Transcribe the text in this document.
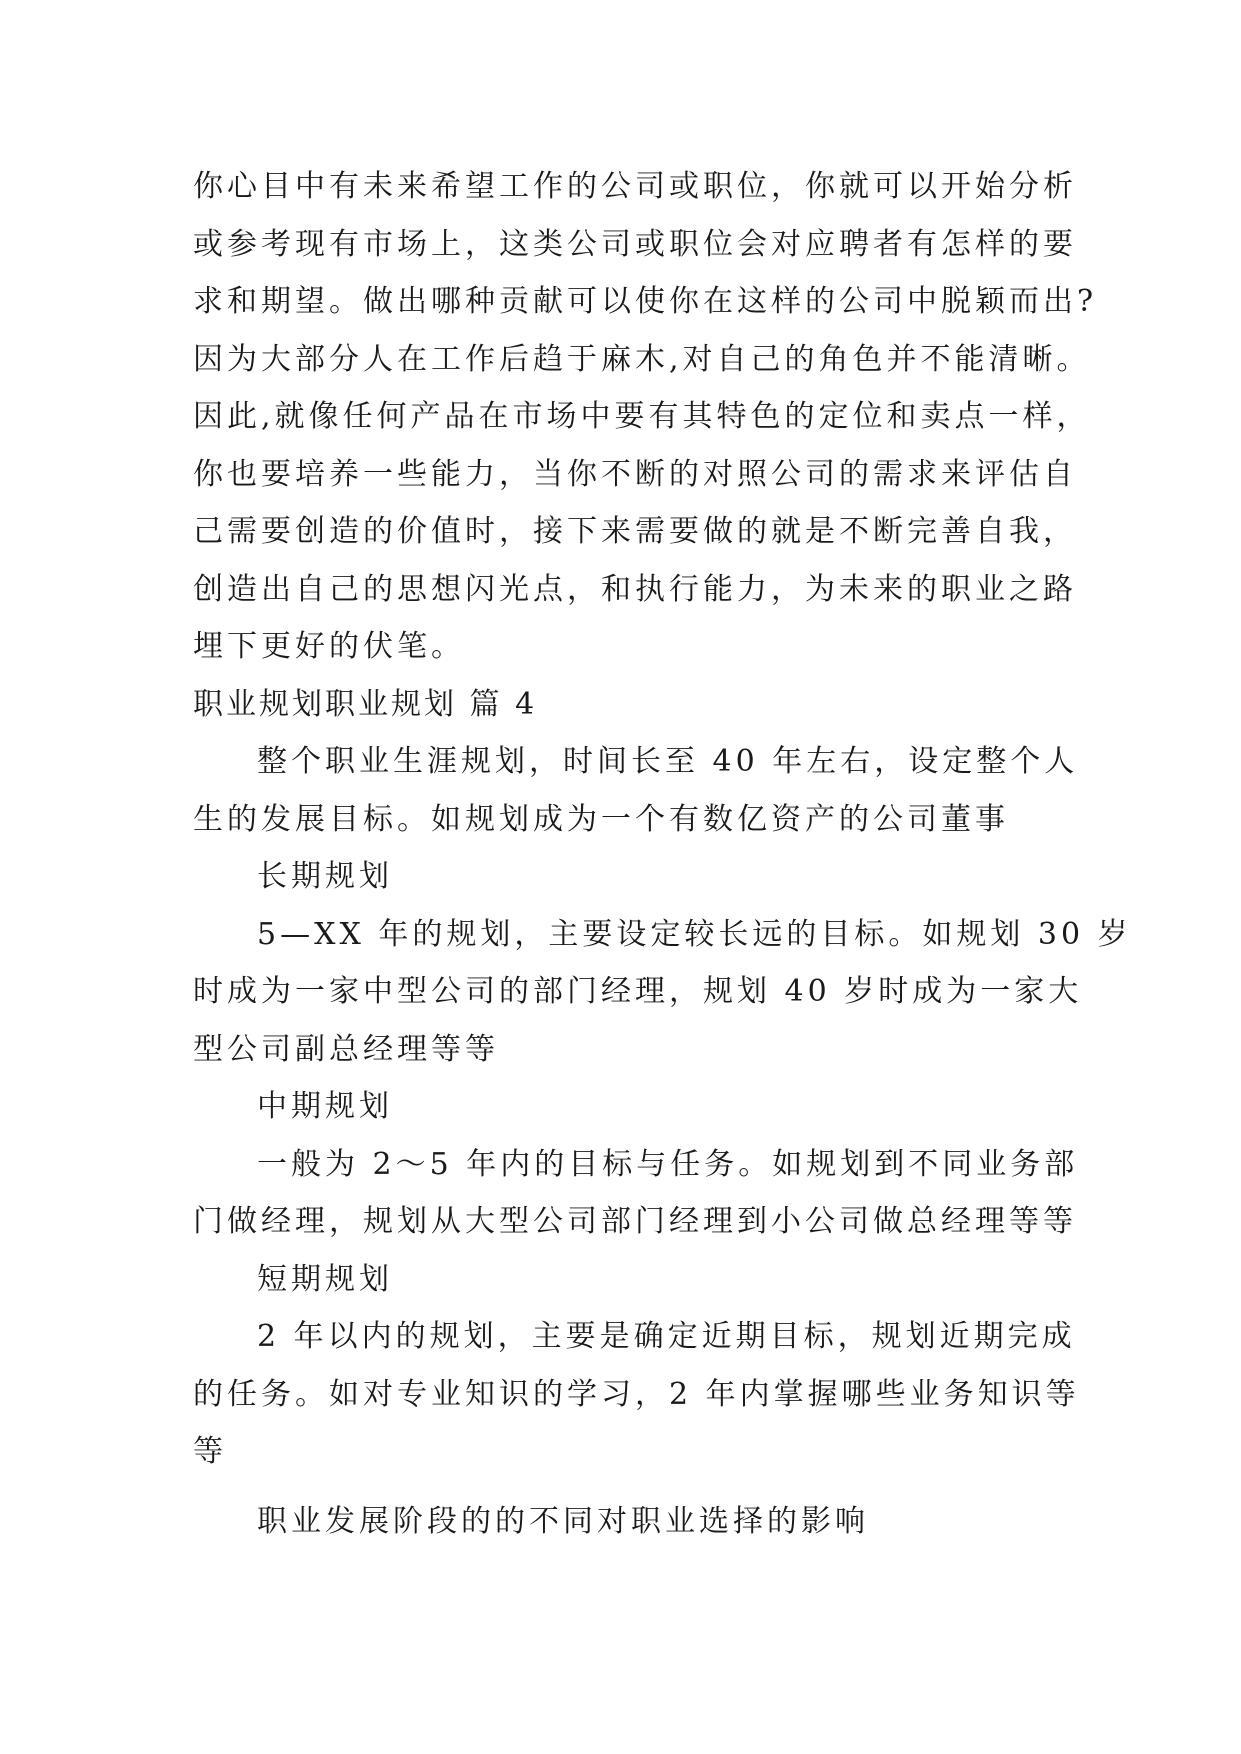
你心目中有未来希望工作的公司或职位，你就可以开始分析
或参考现有市场上，这类公司或职位会对应聘者有怎样的要
求和期望。做出哪种贡献可以使你在这样的公司中脱颖而出?
因为大部分人在工作后趋于麻木,对自己的角色并不能清晰。
因此,就像任何产品在市场中要有其特色的定位和卖点一样，
你也要培养一些能力，当你不断的对照公司的需求来评估自
己需要创造的价值时，接下来需要做的就是不断完善自我，
创造出自己的思想闪光点，和执行能力，为未来的职业之路
埋下更好的伏笔。
职业规划职业规划 篇 4
整个职业生涯规划，时间长至 40 年左右，设定整个人
生的发展目标。如规划成为一个有数亿资产的公司董事
长期规划
5—XX 年的规划，主要设定较长远的目标。如规划 30 岁
时成为一家中型公司的部门经理，规划 40 岁时成为一家大
型公司副总经理等等
中期规划
一般为 2～5 年内的目标与任务。如规划到不同业务部
门做经理，规划从大型公司部门经理到小公司做总经理等等
短期规划
2 年以内的规划，主要是确定近期目标，规划近期完成
的任务。如对专业知识的学习，2 年内掌握哪些业务知识等
等
职业发展阶段的的不同对职业选择的影响
